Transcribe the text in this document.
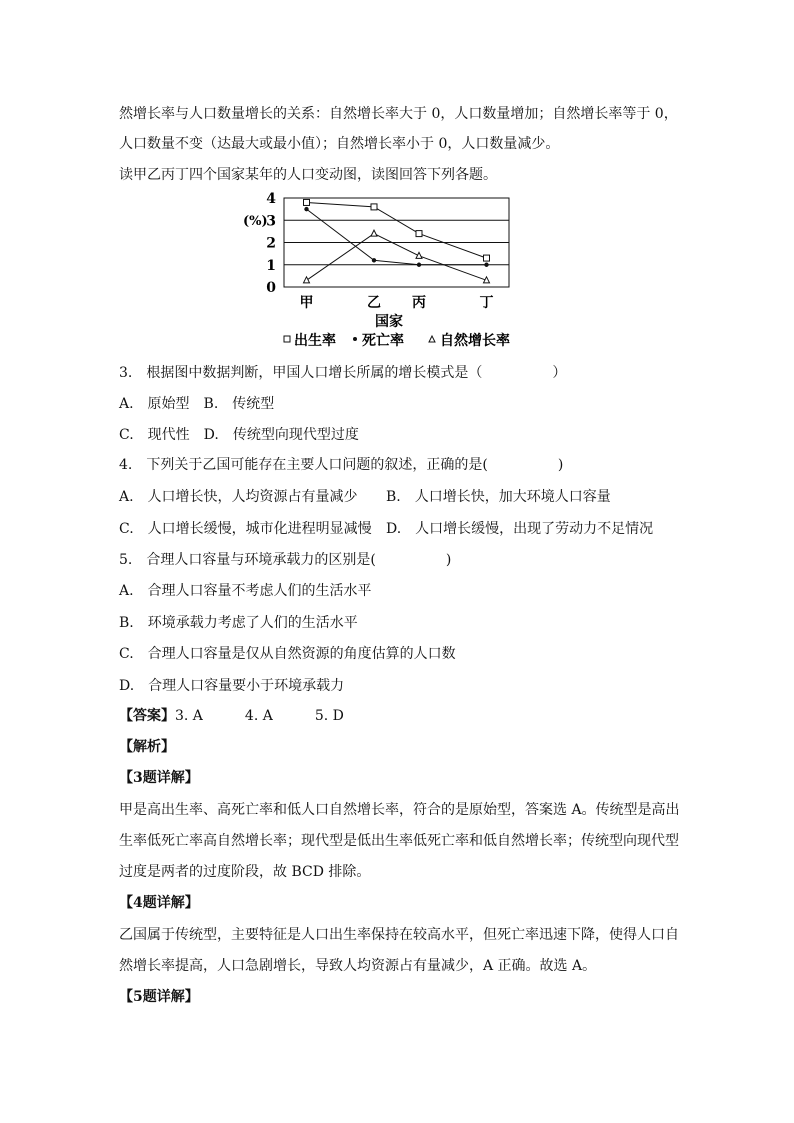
然增长率与人口数量增长的关系：自然增长率大于 0，人口数量增加；自然增长率等于 0，
人口数量不变（达最大或最小值）；自然增长率小于 0，人口数量减少。
读甲乙丙丁四个国家某年的人口变动图，读图回答下列各题。
0
1
2
3
4
甲	乙 丙	丁
(%)
国家
出生率 死亡率	自然增长率
3.　根据图中数据判断，甲国人口增长所属的增长模式是（　　　　　）
A.　原始型　B.　传统型
C.　现代性　D.　传统型向现代型过度
4.　下列关于乙国可能存在主要人口问题的叙述，正确的是(　　　　　)
A.　人口增长快，人均资源占有量减少 B.　人口增长快，加大环境人口容量
C.　人口增长缓慢，城市化进程明显减慢 D.　人口增长缓慢，出现了劳动力不足情况
5.　合理人口容量与环境承载力的区别是(　　　　　)
A.　合理人口容量不考虑人们的生活水平
B.　环境承载力考虑了人们的生活水平
C.　合理人口容量是仅从自然资源的角度估算的人口数
D.　合理人口容量要小于环境承载力
【答案】3. A　　　4. A　　　5. D
【解析】
【3题详解】
甲是高出生率、高死亡率和低人口自然增长率，符合的是原始型，答案选 A。传统型是高出
生率低死亡率高自然增长率；现代型是低出生率低死亡率和低自然增长率；传统型向现代型
过度是两者的过度阶段，故 BCD 排除。
【4题详解】
乙国属于传统型，主要特征是人口出生率保持在较高水平，但死亡率迅速下降，使得人口自
然增长率提高，人口急剧增长，导致人均资源占有量减少，A 正确。故选 A。
【5题详解】
